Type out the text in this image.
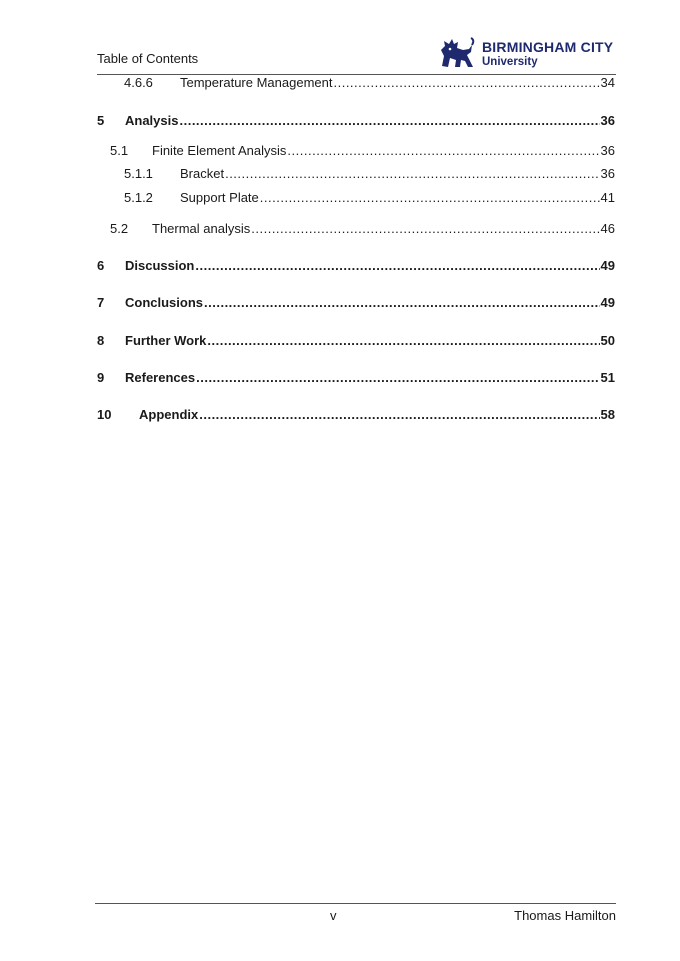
Table of Contents
BIRMINGHAM CITY
University
4.6.6	Temperature Management .....	34
5	Analysis .....	36
5.1	Finite Element Analysis .....	36
5.1.1	Bracket .....	36
5.1.2	Support Plate .....	41
5.2	Thermal analysis .....	46
6	Discussion .....	49
7	Conclusions .....	49
8	Further Work .....	50
9	References .....	51
10	Appendix .....	58
v	Thomas Hamilton
